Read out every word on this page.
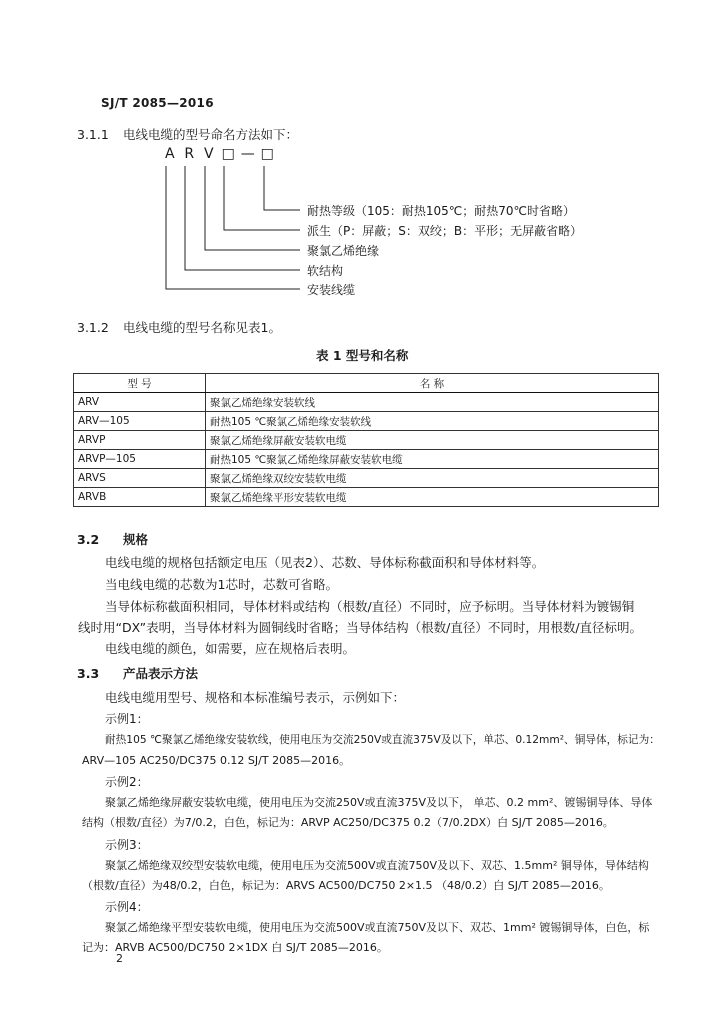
SJ/T 2085—2016
3.1.1 电线电缆的型号命名方法如下：
A R V □ — □
耐热等级（105：耐热105℃；耐热70℃时省略）
派生（P：屏蔽；S：双绞；B：平形；无屏蔽省略）
聚氯乙烯绝缘
软结构
安装线缆
3.1.2 电线电缆的型号名称见表1。
表 1 型号和名称
型 号	名 称
ARV	聚氯乙烯绝缘安装软线
ARV—105	耐热105 ℃聚氯乙烯绝缘安装软线
ARVP	聚氯乙烯绝缘屏蔽安装软电缆
ARVP—105	耐热105 ℃聚氯乙烯绝缘屏蔽安装软电缆
ARVS	聚氯乙烯绝缘双绞安装软电缆
ARVB	聚氯乙烯绝缘平形安装软电缆
3.2 规格
电线电缆的规格包括额定电压（见表2）、芯数、导体标称截面积和导体材料等。
当电线电缆的芯数为1芯时，芯数可省略。
当导体标称截面积相同，导体材料或结构（根数/直径）不同时，应予标明。当导体材料为镀锡铜
线时用“DX”表明，当导体材料为圆铜线时省略；当导体结构（根数/直径）不同时，用根数/直径标明。
电线电缆的颜色，如需要，应在规格后表明。
3.3 产品表示方法
电线电缆用型号、规格和本标准编号表示，示例如下：
示例1：
耐热105 ℃聚氯乙烯绝缘安装软线，使用电压为交流250V或直流375V及以下，单芯、0.12mm²、铜导体，标记为：
ARV—105 AC250/DC375 0.12 SJ/T 2085—2016。
示例2：
聚氯乙烯绝缘屏蔽安装软电缆，使用电压为交流250V或直流375V及以下， 单芯、0.2 mm²、镀锡铜导体、导体
结构（根数/直径）为7/0.2，白色，标记为：ARVP AC250/DC375 0.2（7/0.2DX）白 SJ/T 2085—2016。
示例3：
聚氯乙烯绝缘双绞型安装软电缆，使用电压为交流500V或直流750V及以下、双芯、1.5mm² 铜导体，导体结构
（根数/直径）为48/0.2，白色，标记为：ARVS AC500/DC750 2×1.5 （48/0.2）白 SJ/T 2085—2016。
示例4：
聚氯乙烯绝缘平型安装软电缆，使用电压为交流500V或直流750V及以下、双芯、1mm² 镀锡铜导体，白色，标
记为：ARVB AC500/DC750 2×1DX 白 SJ/T 2085—2016。
2
